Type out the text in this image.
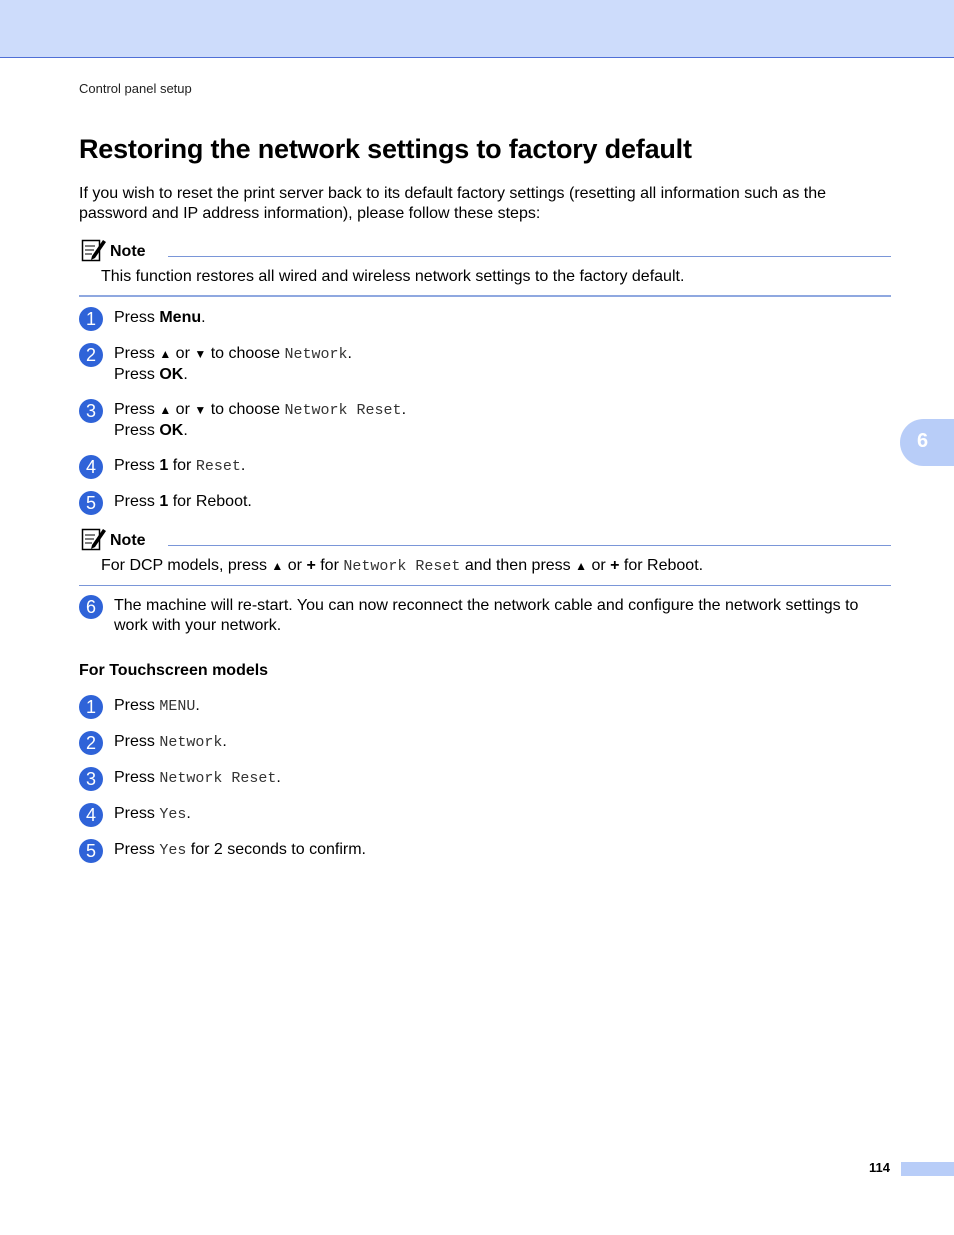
Control panel setup
Restoring the network settings to factory default

If you wish to reset the print server back to its default factory settings (resetting all information such as the password and IP address information), please follow these steps:

Note
This function restores all wired and wireless network settings to the factory default.
1	Press Menu.
2	Press ▲ or ▼ to choose Network.
Press OK.
3	Press ▲ or ▼ to choose Network Reset.
Press OK.
4	Press 1 for Reset.
5	Press 1 for Reboot.
Note
For DCP models, press ▲ or + for Network Reset and then press ▲ or + for Reboot.
6	The machine will re-start. You can now reconnect the network cable and configure the network settings to work with your network.
For Touchscreen models
1	Press MENU.
2	Press Network.
3	Press Network Reset.
4	Press Yes.
5	Press Yes for 2 seconds to confirm.
6
114
